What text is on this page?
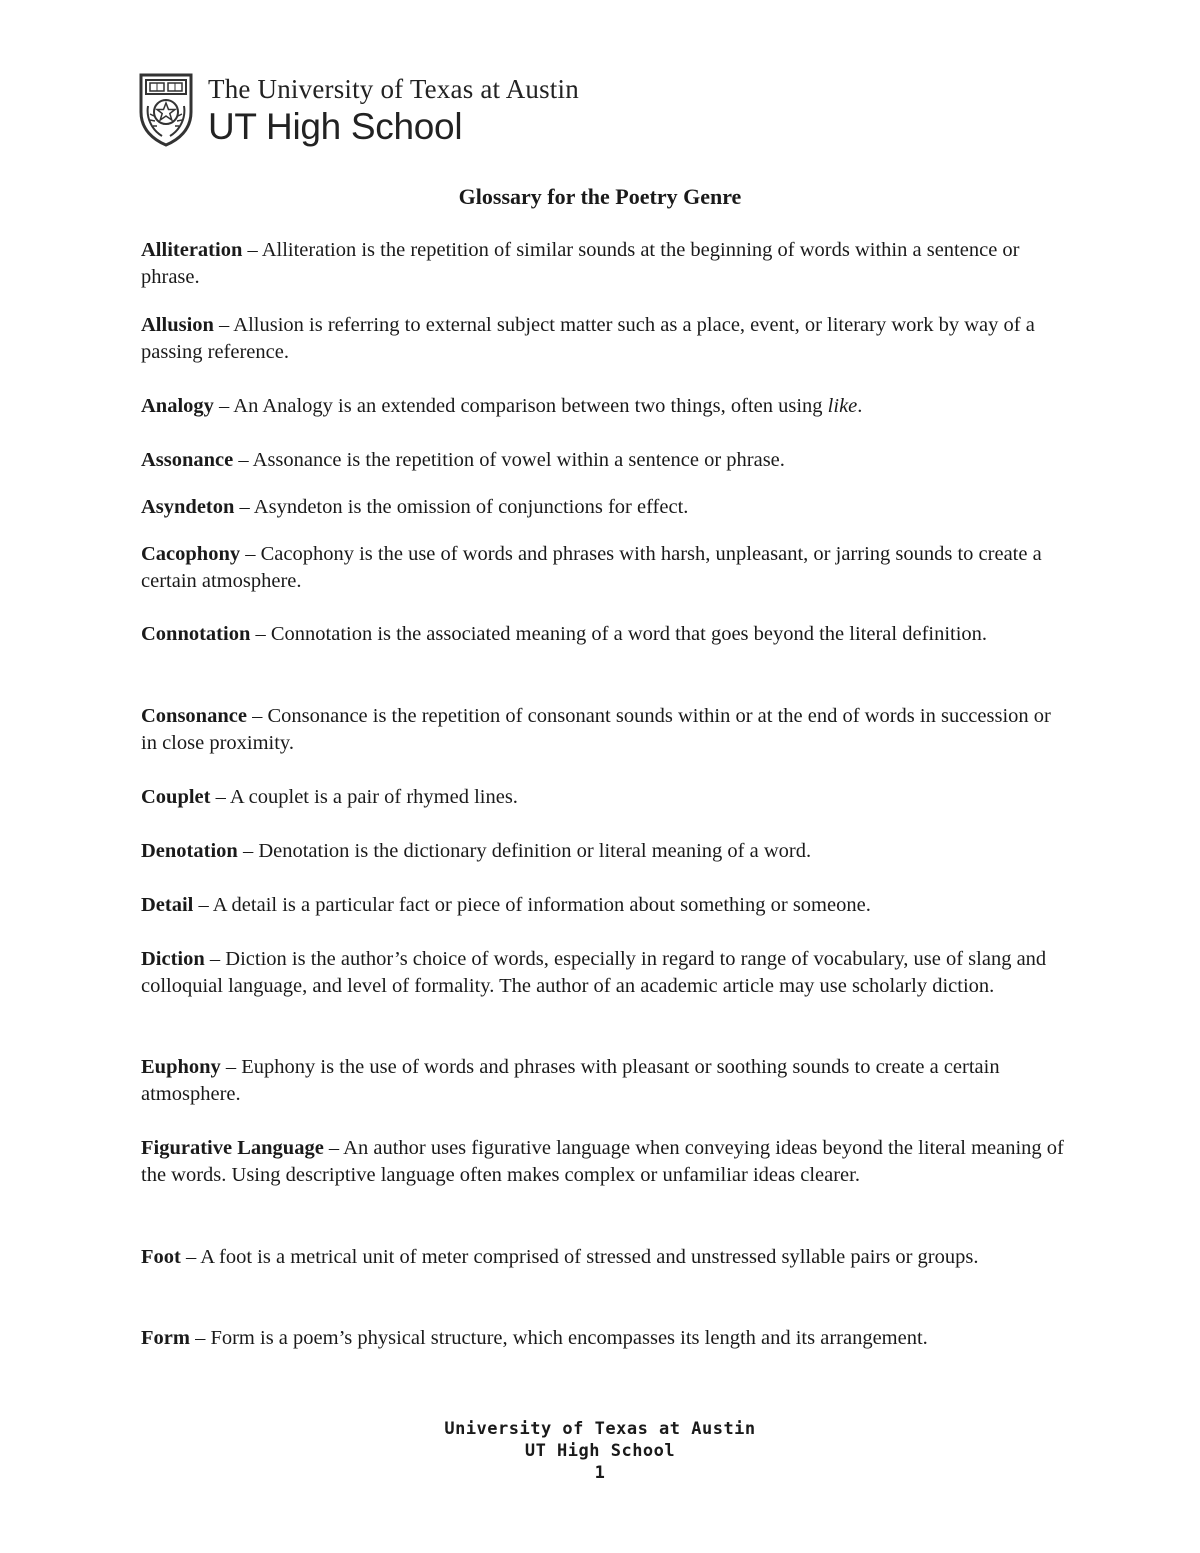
The University of Texas at Austin
UT High School
Glossary for the Poetry Genre
Alliteration – Alliteration is the repetition of similar sounds at the beginning of words within a sentence or phrase.
Allusion – Allusion is referring to external subject matter such as a place, event, or literary work by way of a passing reference.
Analogy – An Analogy is an extended comparison between two things, often using like.
Assonance – Assonance is the repetition of vowel within a sentence or phrase.
Asyndeton – Asyndeton is the omission of conjunctions for effect.
Cacophony – Cacophony is the use of words and phrases with harsh, unpleasant, or jarring sounds to create a certain atmosphere.
Connotation – Connotation is the associated meaning of a word that goes beyond the literal definition.
Consonance – Consonance is the repetition of consonant sounds within or at the end of words in succession or in close proximity.
Couplet – A couplet is a pair of rhymed lines.
Denotation – Denotation is the dictionary definition or literal meaning of a word.
Detail – A detail is a particular fact or piece of information about something or someone.
Diction – Diction is the author’s choice of words, especially in regard to range of vocabulary, use of slang and colloquial language, and level of formality. The author of an academic article may use scholarly diction.
Euphony – Euphony is the use of words and phrases with pleasant or soothing sounds to create a certain atmosphere.
Figurative Language – An author uses figurative language when conveying ideas beyond the literal meaning of the words. Using descriptive language often makes complex or unfamiliar ideas clearer.
Foot – A foot is a metrical unit of meter comprised of stressed and unstressed syllable pairs or groups.
Form – Form is a poem’s physical structure, which encompasses its length and its arrangement.
University of Texas at Austin
UT High School
1
